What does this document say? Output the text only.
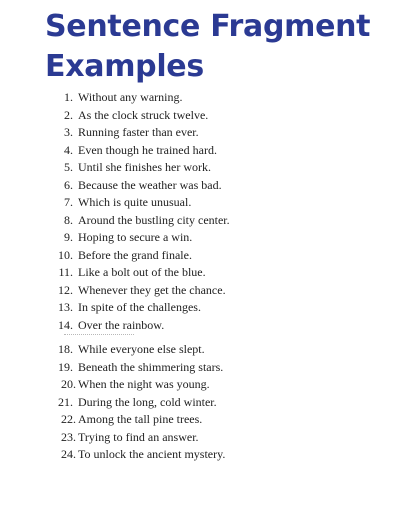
Sentence Fragment Examples
1. Without any warning.
2. As the clock struck twelve.
3. Running faster than ever.
4. Even though he trained hard.
5. Until she finishes her work.
6. Because the weather was bad.
7. Which is quite unusual.
8. Around the bustling city center.
9. Hoping to secure a win.
10. Before the grand finale.
11. Like a bolt out of the blue.
12. Whenever they get the chance.
13. In spite of the challenges.
14. Over the rainbow.
18. While everyone else slept.
19. Beneath the shimmering stars.
20. When the night was young.
21. During the long, cold winter.
22. Among the tall pine trees.
23. Trying to find an answer.
24. To unlock the ancient mystery.
